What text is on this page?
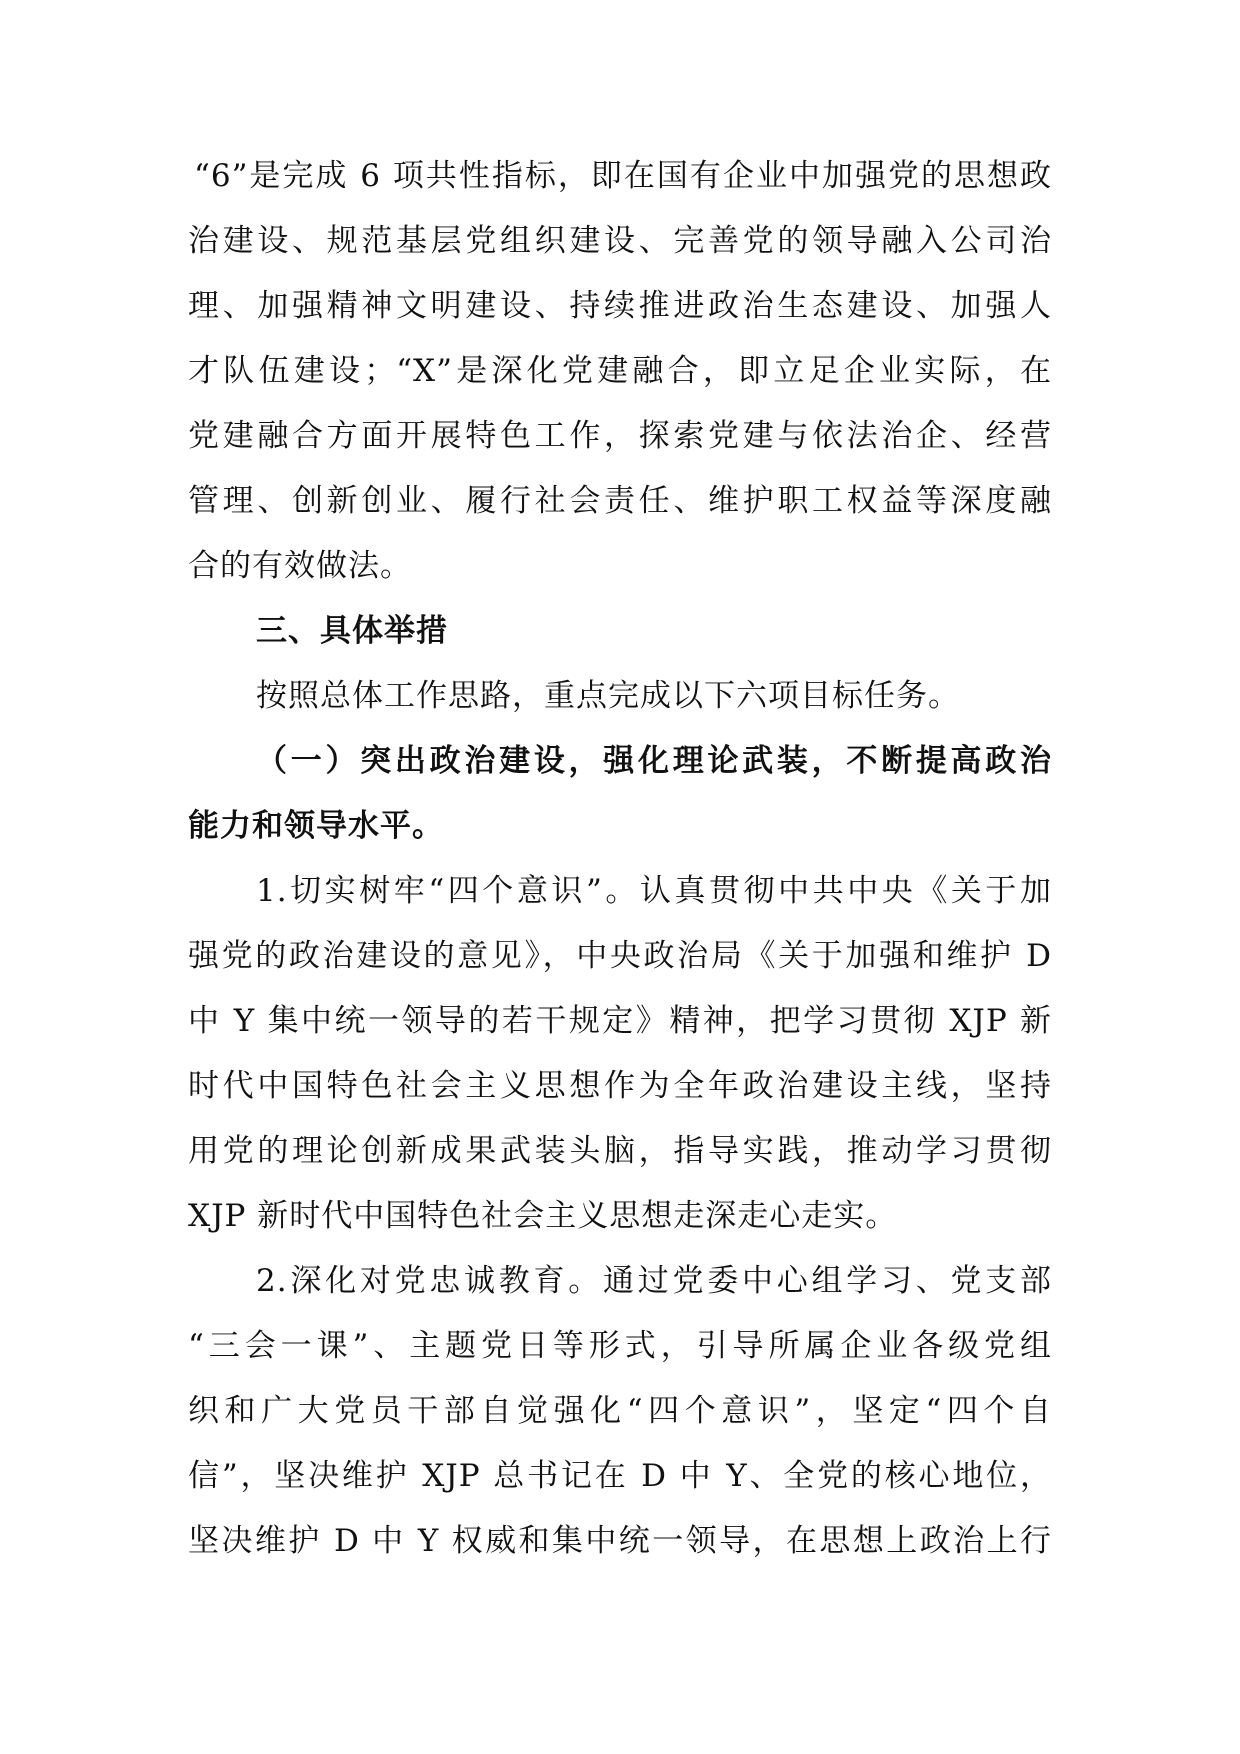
“6”是完成 6 项共性指标，即在国有企业中加强党的思想政
治建设、规范基层党组织建设、完善党的领导融入公司治
理、加强精神文明建设、持续推进政治生态建设、加强人
才队伍建设；“X”是深化党建融合，即立足企业实际，在
党建融合方面开展特色工作，探索党建与依法治企、经营
管理、创新创业、履行社会责任、维护职工权益等深度融
合的有效做法。
三、具体举措
按照总体工作思路，重点完成以下六项目标任务。
（一）突出政治建设，强化理论武装，不断提高政治
能力和领导水平。
1.切实树牢“四个意识”。认真贯彻中共中央《关于加
强党的政治建设的意见》，中央政治局《关于加强和维护 D
中 Y 集中统一领导的若干规定》精神，把学习贯彻 XJP 新
时代中国特色社会主义思想作为全年政治建设主线，坚持
用党的理论创新成果武装头脑，指导实践，推动学习贯彻
XJP 新时代中国特色社会主义思想走深走心走实。
2.深化对党忠诚教育。通过党委中心组学习、党支部
“三会一课”、主题党日等形式，引导所属企业各级党组
织和广大党员干部自觉强化“四个意识”，坚定“四个自
信”，坚决维护 XJP 总书记在 D 中 Y、全党的核心地位，
坚决维护 D 中 Y 权威和集中统一领导，在思想上政治上行
